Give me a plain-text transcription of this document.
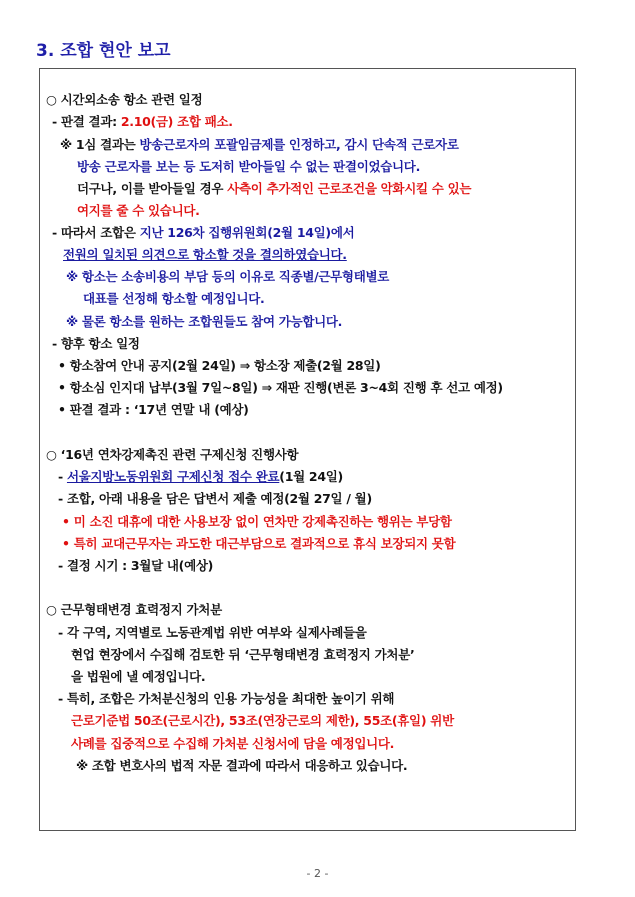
3. 조합 현안 보고
○ 시간외소송 항소 관련 일정
- 판결 결과: 2.10(금) 조합 패소.
※ 1심 결과는 방송근로자의 포괄임금제를 인정하고, 감시 단속적 근로자로
방송 근로자를 보는 등 도저히 받아들일 수 없는 판결이었습니다.
더구나, 이를 받아들일 경우 사측이 추가적인 근로조건을 악화시킬 수 있는
여지를 줄 수 있습니다.
- 따라서 조합은 지난 126차 집행위원회(2월 14일)에서
전원의 일치된 의견으로 항소할 것을 결의하였습니다.
※ 항소는 소송비용의 부담 등의 이유로 직종별/근무형태별로
대표를 선정해 항소할 예정입니다.
※ 물론 항소를 원하는 조합원들도 참여 가능합니다.
- 향후 항소 일정
• 항소참여 안내 공지(2월 24일) ⇒ 항소장 제출(2월 28일)
• 항소심 인지대 납부(3월 7일~8일) ⇒ 재판 진행(변론 3~4회 진행 후 선고 예정)
• 판결 결과 : ‘17년 연말 내 (예상)
○ ‘16년 연차강제촉진 관련 구제신청 진행사항
- 서울지방노동위원회 구제신청 접수 완료(1월 24일)
- 조합, 아래 내용을 담은 답변서 제출 예정(2월 27일 / 월)
• 미 소진 대휴에 대한 사용보장 없이 연차만 강제촉진하는 행위는 부당함
• 특히 교대근무자는 과도한 대근부담으로 결과적으로 휴식 보장되지 못함
- 결정 시기 : 3월달 내(예상)
○ 근무형태변경 효력정지 가처분
- 각 구역, 지역별로 노동관계법 위반 여부와 실제사례들을
현업 현장에서 수집해 검토한 뒤 ‘근무형태변경 효력정지 가처분’
을 법원에 낼 예정입니다.
- 특히, 조합은 가처분신청의 인용 가능성을 최대한 높이기 위해
근로기준법 50조(근로시간), 53조(연장근로의 제한), 55조(휴일) 위반
사례를 집중적으로 수집해 가처분 신청서에 담을 예정입니다.
※ 조합 변호사의 법적 자문 결과에 따라서 대응하고 있습니다.
- 2 -
